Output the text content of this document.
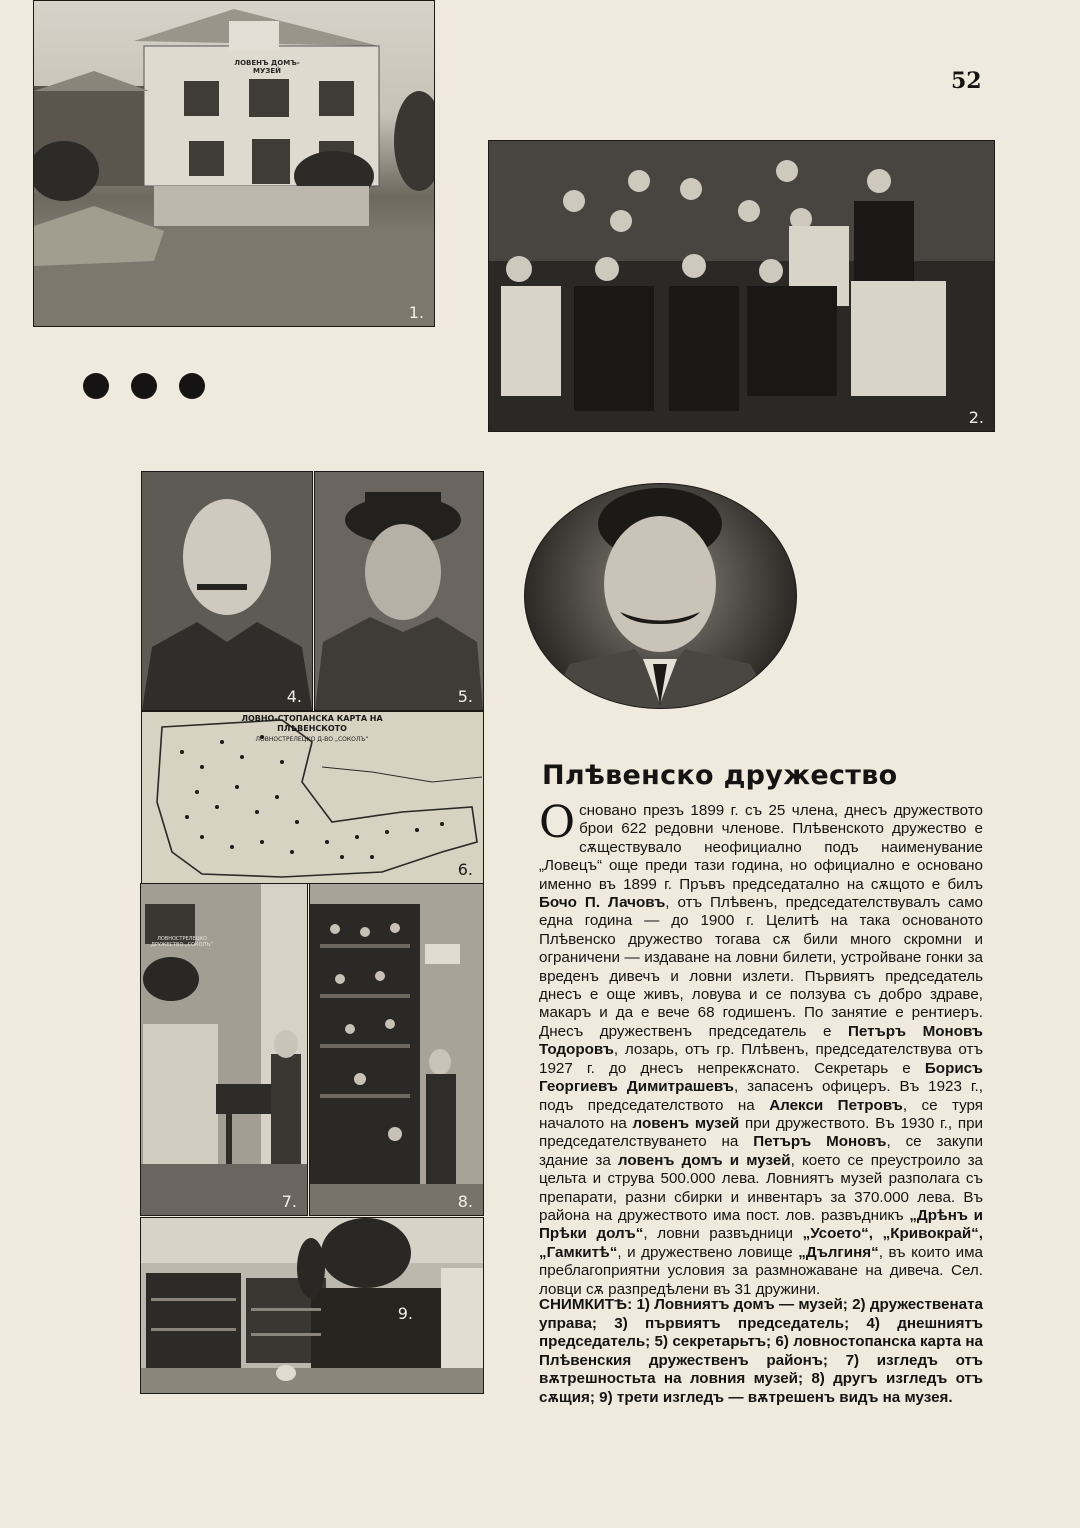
52
ЛОВЕНЪ ДОМЪ-МУЗЕЙ
1.
2.
4.	5.	3.
ЛОВНО-СТОПАНСКА КАРТА НА ПЛѢВЕНСКОТО
ЛОВНОСТРЕЛЕЦКО Д-ВО „СОКОЛЪ“
6.
ЛОВНОСТРЕЛЕЦКО ДРУЖЕСТВО „СОКОЛЪ“
7.	8.
9.
Плѣвенско дружество

Основано презъ 1899 г. съ 25 члена, днесъ дружеството брои 622 редовни членове. Плѣвенското дружество е сѫществувало неофициално подъ наименувание „Ловецъ“ още преди тази година, но официално е основано именно въ 1899 г. Пръвъ председатално на сѫщото е билъ Бочо П. Лачовъ, отъ Плѣвенъ, председателствувалъ само една година — до 1900 г. Целитѣ на така основаното Плѣвенско дружество тогава сѫ били много скромни и ограничени — издаване на ловни билети, устройване гонки за вреденъ дивечъ и ловни излети. Първиятъ председатель днесъ е още живъ, ловува и се ползува съ добро здраве, макаръ и да е вече 68 годишенъ. По занятие е рентиеръ. Днесъ дружественъ председатель е Петъръ Моновъ Тодоровъ, лозарь, отъ гр. Плѣвенъ, председателствува отъ 1927 г. до днесъ непрекѫснато. Секретарь е Борисъ Георгиевъ Димитрашевъ, запасенъ офицеръ. Въ 1923 г., подъ председателството на Алекси Петровъ, се туря началото на ловенъ музей при дружеството. Въ 1930 г., при председателствуването на Петъръ Моновъ, се закупи здание за ловенъ домъ и музей, което се преустроило за цельта и струва 500.000 лева. Ловниятъ музей разполага съ препарати, разни сбирки и инвентаръ за 370.000 лева. Въ района на дружеството има пост. лов. развъдникъ „Дрѣнъ и Прѣки долъ“, ловни развъдници „Усоето“, „Кривокрай“, „Гамкитѣ“, и дружествено ловище „Дългиня“, въ които има преблагоприятни условия за размножаване на дивеча. Сел. ловци сѫ разпредѣлени въ 31 дружини.

СНИМКИТѢ: 1) Ловниятъ домъ — музей; 2) дружествената управа; 3) първиятъ председатель; 4) днешниятъ председатель; 5) секретарьтъ; 6) ловностопанска карта на Плѣвенския дружественъ районъ; 7) изгледъ отъ вѫтрешностьта на ловния музей; 8) другъ изгледъ отъ сѫщия; 9) трети изгледъ — вѫтрешенъ видъ на музея.
